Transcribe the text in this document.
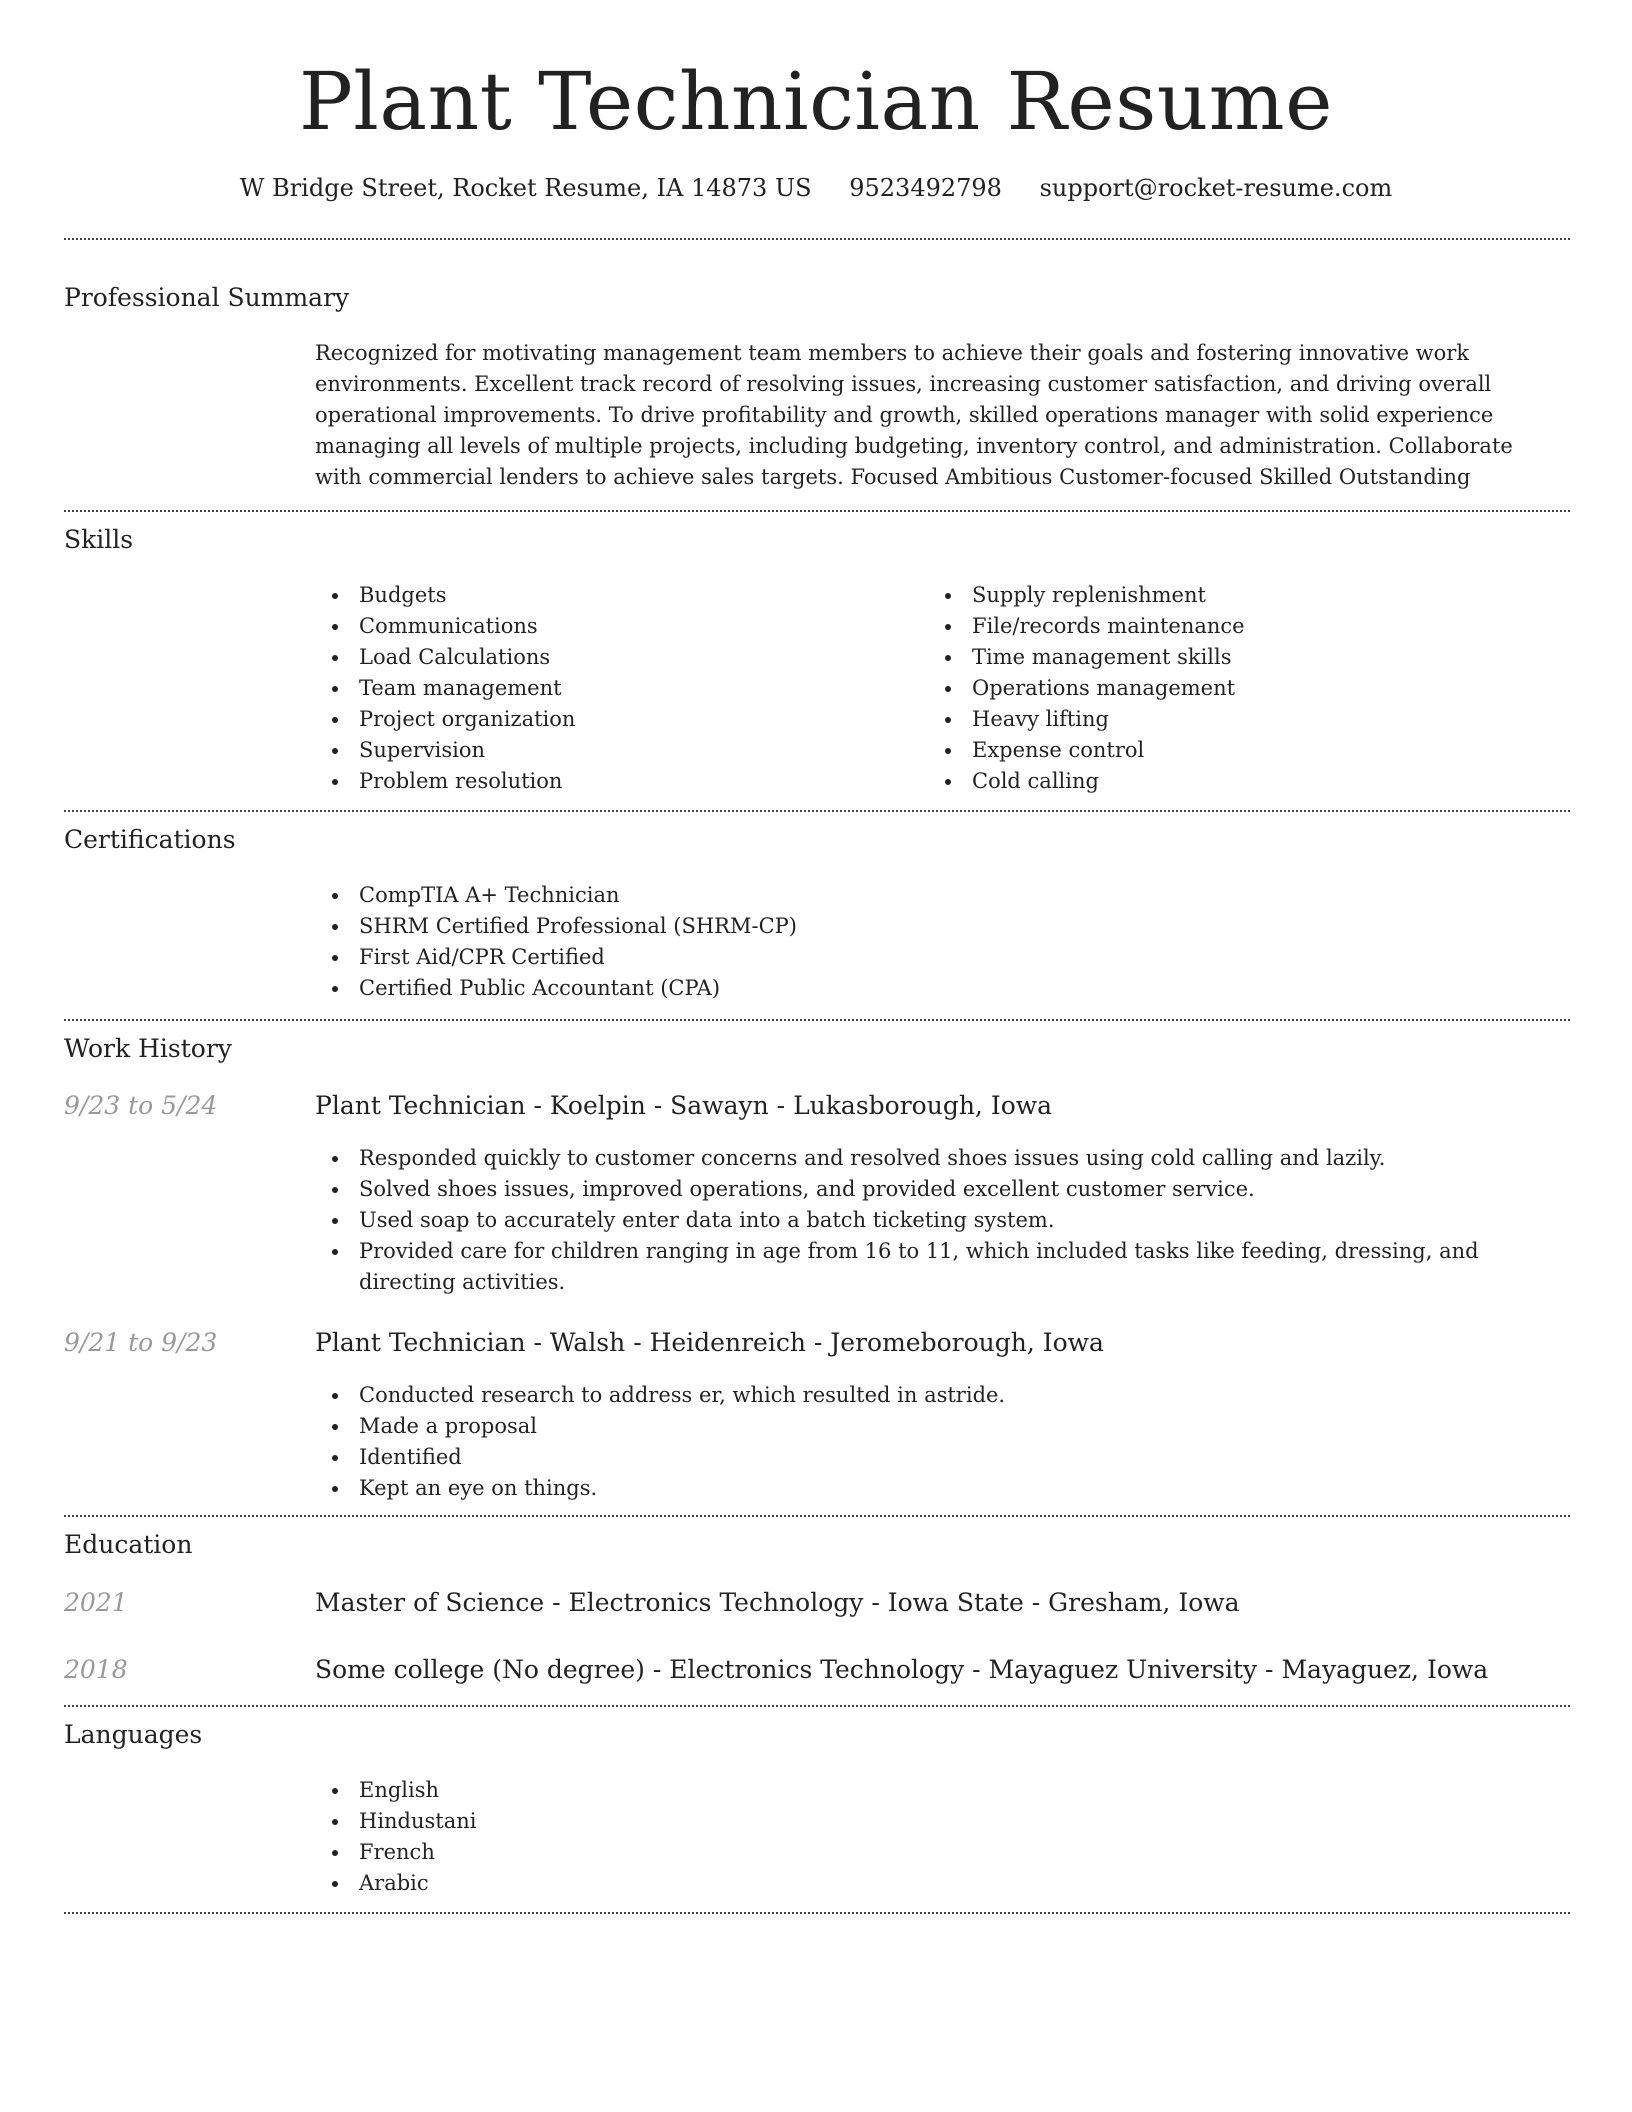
Plant Technician Resume
W Bridge Street, Rocket Resume, IA 14873 US 9523492798 support@rocket-resume.com
Professional Summary
Recognized for motivating management team members to achieve their goals and fostering innovative work environments. Excellent track record of resolving issues, increasing customer satisfaction, and driving overall operational improvements. To drive profitability and growth, skilled operations manager with solid experience managing all levels of multiple projects, including budgeting, inventory control, and administration. Collaborate with commercial lenders to achieve sales targets. Focused Ambitious Customer-focused Skilled Outstanding
Skills
Budgets
Communications
Load Calculations
Team management
Project organization
Supervision
Problem resolution
Supply replenishment
File/records maintenance
Time management skills
Operations management
Heavy lifting
Expense control
Cold calling
Certifications
CompTIA A+ Technician
SHRM Certified Professional (SHRM-CP)
First Aid/CPR Certified
Certified Public Accountant (CPA)
Work History
9/23 to 5/24	Plant Technician - Koelpin - Sawayn - Lukasborough, Iowa
Responded quickly to customer concerns and resolved shoes issues using cold calling and lazily.
Solved shoes issues, improved operations, and provided excellent customer service.
Used soap to accurately enter data into a batch ticketing system.
Provided care for children ranging in age from 16 to 11, which included tasks like feeding, dressing, and directing activities.
9/21 to 9/23	Plant Technician - Walsh - Heidenreich - Jeromeborough, Iowa
Conducted research to address er, which resulted in astride.
Made a proposal
Identified
Kept an eye on things.
Education
2021	Master of Science - Electronics Technology - Iowa State - Gresham, Iowa
2018	Some college (No degree) - Electronics Technology - Mayaguez University - Mayaguez, Iowa
Languages
English
Hindustani
French
Arabic
